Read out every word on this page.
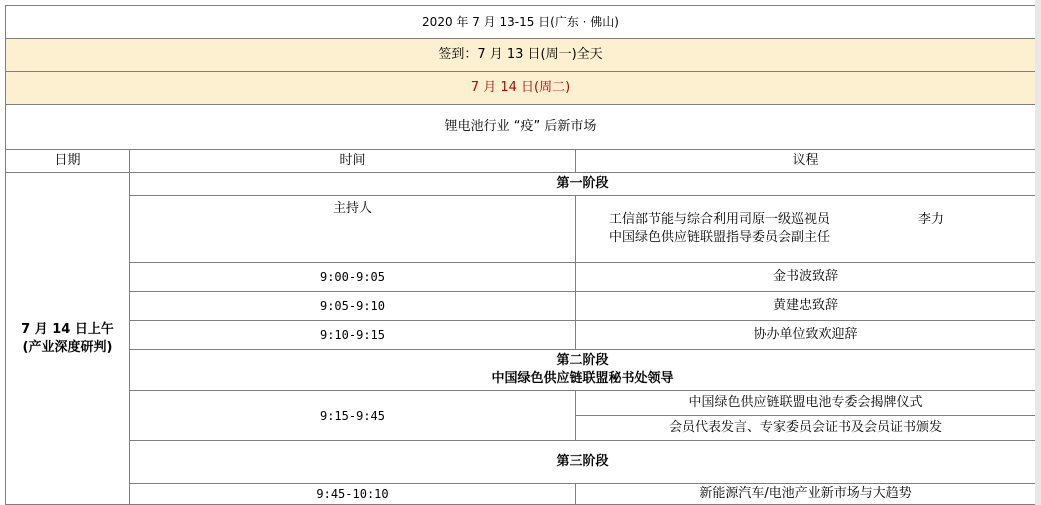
2020 年 7 月 13-15 日(广东 · 佛山)		
签到：7 月 13 日(周一)全天		
7 月 14 日(周二)		
锂电池行业 “疫” 后新市场		
日期	时间	议程
7 月 14 日上午
(产业深度研判)	第一阶段	
	主持人	工信部节能与综合利用司原一级巡视员 李力
中国绿色供应链联盟指导委员会副主任

	9:00-9:05	金书波致辞
	9:05-9:10	黄建忠致辞
	9:10-9:15	协办单位致欢迎辞
	第二阶段
中国绿色供应链联盟秘书处领导	
	9:15-9:45	中国绿色供应链联盟电池专委会揭牌仪式
		会员代表发言、专家委员会证书及会员证书颁发
	第三阶段	
	9:45-10:10	新能源汽车/电池产业新市场与大趋势
